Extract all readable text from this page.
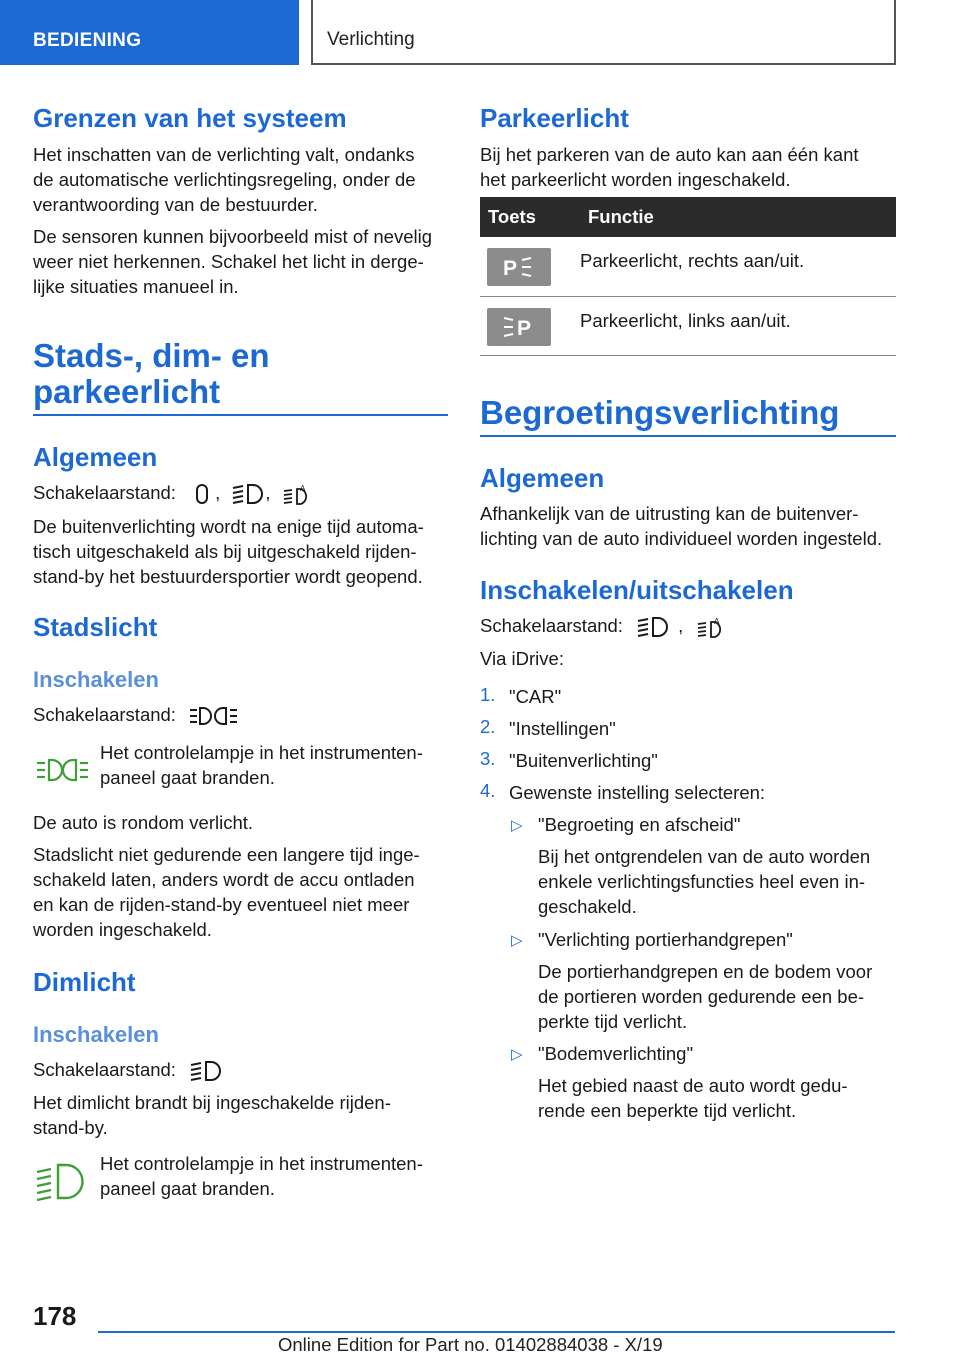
BEDIENING	Verlichting
Grenzen van het systeem
Het inschatten van de verlichting valt, ondanks
de automatische verlichtingsregeling, onder de
verantwoording van de bestuurder.
De sensoren kunnen bijvoorbeeld mist of nevelig
weer niet herkennen. Schakel het licht in derge-
lijke situaties manueel in.
Stads-, dim- en
parkeerlicht
Algemeen
Schakelaarstand: , ,	A
De buitenverlichting wordt na enige tijd automa-
tisch uitgeschakeld als bij uitgeschakeld rijden-
stand-by het bestuurdersportier wordt geopend.
Stadslicht
Inschakelen
Schakelaarstand:
Het controlelampje in het instrumenten-
paneel gaat branden.
De auto is rondom verlicht.
Stadslicht niet gedurende een langere tijd inge-
schakeld laten, anders wordt de accu ontladen
en kan de rijden-stand-by eventueel niet meer
worden ingeschakeld.
Dimlicht
Inschakelen
Schakelaarstand:
Het dimlicht brandt bij ingeschakelde rijden-
stand-by.
Het controlelampje in het instrumenten-
paneel gaat branden.
Parkeerlicht
Bij het parkeren van de auto kan aan één kant
het parkeerlicht worden ingeschakeld.
Toets	Functie

P	Parkeerlicht, rechts aan/uit.

P	Parkeerlicht, links aan/uit.
Begroetingsverlichting
Algemeen
Afhankelijk van de uitrusting kan de buitenver-
lichting van de auto individueel worden ingesteld.
Inschakelen/uitschakelen
Schakelaarstand:	,	A
Via iDrive:
1. "CAR"
2. "Instellingen"
3. "Buitenverlichting"
4. Gewenste instelling selecteren:
▷ "Begroeting en afscheid"
Bij het ontgrendelen van de auto worden
enkele verlichtingsfuncties heel even in-
geschakeld.
▷ "Verlichting portierhandgrepen"
De portierhandgrepen en de bodem voor
de portieren worden gedurende een be-
perkte tijd verlicht.
▷ "Bodemverlichting"
Het gebied naast de auto wordt gedu-
rende een beperkte tijd verlicht.
178
Online Edition for Part no. 01402884038 - X/19
